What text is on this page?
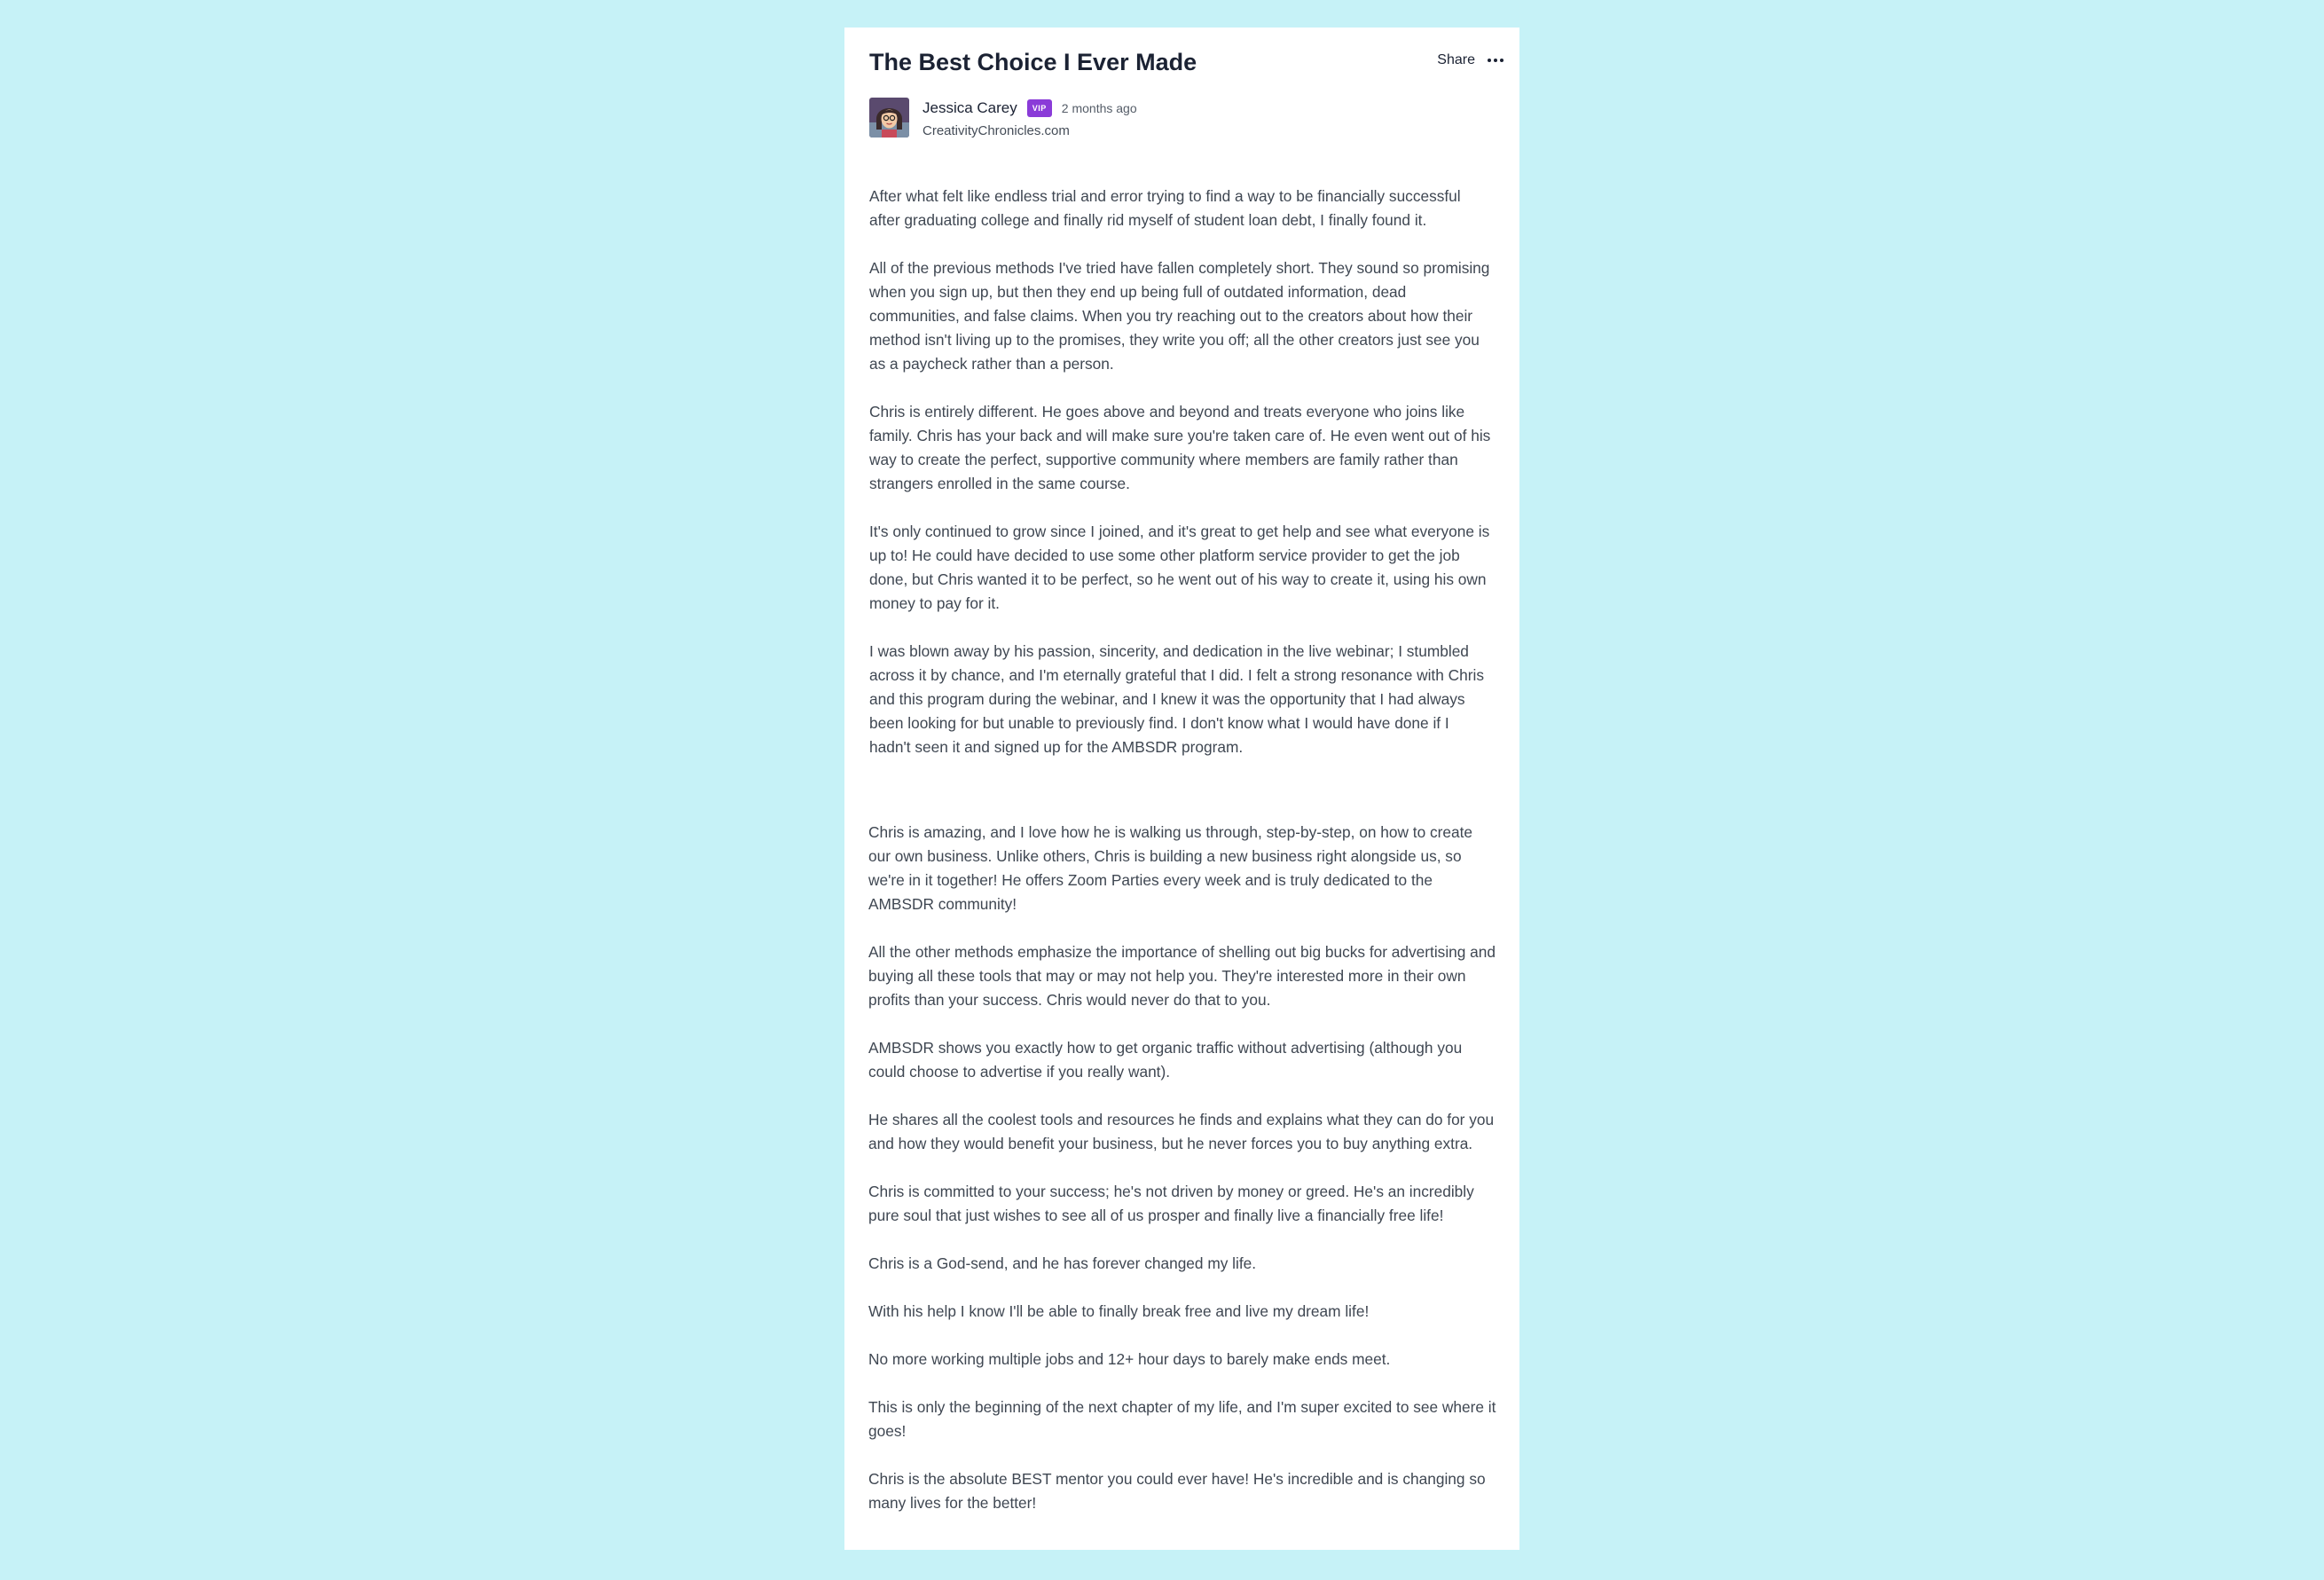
The Best Choice I Ever Made	Share
Jessica Carey	VIP	2 months ago
CreativityChronicles.com

After what felt like endless trial and error trying to find a way to be financially successful after graduating college and finally rid myself of student loan debt, I finally found it.

All of the previous methods I've tried have fallen completely short. They sound so promising when you sign up, but then they end up being full of outdated information, dead communities, and false claims. When you try reaching out to the creators about how their method isn't living up to the promises, they write you off; all the other creators just see you as a paycheck rather than a person.

Chris is entirely different. He goes above and beyond and treats everyone who joins like family. Chris has your back and will make sure you're taken care of. He even went out of his way to create the perfect, supportive community where members are family rather than strangers enrolled in the same course.

It's only continued to grow since I joined, and it's great to get help and see what everyone is up to! He could have decided to use some other platform service provider to get the job done, but Chris wanted it to be perfect, so he went out of his way to create it, using his own money to pay for it.

I was blown away by his passion, sincerity, and dedication in the live webinar; I stumbled across it by chance, and I'm eternally grateful that I did. I felt a strong resonance with Chris and this program during the webinar, and I knew it was the opportunity that I had always been looking for but unable to previously find. I don't know what I would have done if I hadn't seen it and signed up for the AMBSDR program.

Chris is amazing, and I love how he is walking us through, step-by-step, on how to create our own business. Unlike others, Chris is building a new business right alongside us, so we're in it together! He offers Zoom Parties every week and is truly dedicated to the AMBSDR community!

All the other methods emphasize the importance of shelling out big bucks for advertising and buying all these tools that may or may not help you. They're interested more in their own profits than your success. Chris would never do that to you.

AMBSDR shows you exactly how to get organic traffic without advertising (although you could choose to advertise if you really want).

He shares all the coolest tools and resources he finds and explains what they can do for you and how they would benefit your business, but he never forces you to buy anything extra.

Chris is committed to your success; he's not driven by money or greed. He's an incredibly pure soul that just wishes to see all of us prosper and finally live a financially free life!

Chris is a God-send, and he has forever changed my life.

With his help I know I'll be able to finally break free and live my dream life!

No more working multiple jobs and 12+ hour days to barely make ends meet.

This is only the beginning of the next chapter of my life, and I'm super excited to see where it goes!

Chris is the absolute BEST mentor you could ever have! He's incredible and is changing so many lives for the better!
